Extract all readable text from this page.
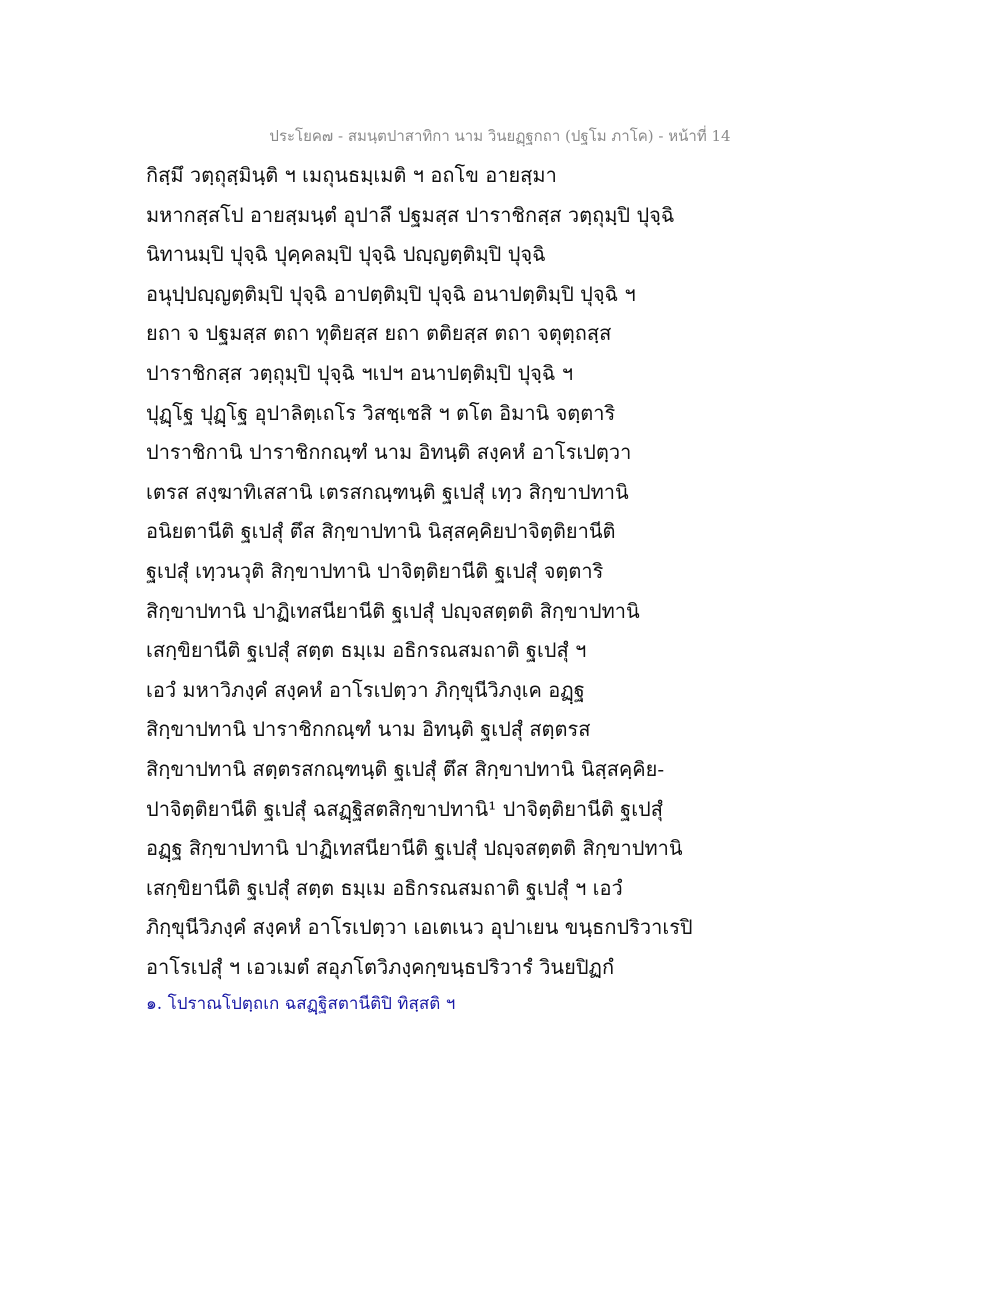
ประโยค๗ - สมนฺตปาสาทิกา นาม วินยฏฺฐกถา (ปฐโม ภาโค) - หน้าที่ 14
กิสฺมึ วตฺถุสฺมินฺติ ฯ เมถุนธมฺเมติ ฯ อถโข อายสฺมา
มหากสฺสโป อายสฺมนฺตํ อุปาลึ ปฐมสฺส ปาราชิกสฺส วตฺถุมฺปิ ปุจฺฉิ
นิทานมฺปิ ปุจฺฉิ ปุคฺคลมฺปิ ปุจฺฉิ ปญฺญตฺติมฺปิ ปุจฺฉิ
อนุปฺปญฺญตฺติมฺปิ ปุจฺฉิ อาปตฺติมฺปิ ปุจฺฉิ อนาปตฺติมฺปิ ปุจฺฉิ ฯ
ยถา จ ปฐมสฺส ตถา ทุติยสฺส ยถา ตติยสฺส ตถา จตุตฺถสฺส
ปาราชิกสฺส วตฺถุมฺปิ ปุจฺฉิ ฯเปฯ อนาปตฺติมฺปิ ปุจฺฉิ ฯ
ปุฏฺโฐ ปุฏฺโฐ อุปาลิตฺเถโร วิสชฺเชสิ ฯ ตโต อิมานิ จตฺตาริ
ปาราชิกานิ ปาราชิกกณฺฑํ นาม อิทนฺติ สงฺคหํ อาโรเปตฺวา
เตรส สงฺฆาทิเสสานิ เตรสกณฺฑนฺติ ฐเปสุํ เทฺว สิกฺขาปทานิ
อนิยตานีติ ฐเปสุํ ตึส สิกฺขาปทานิ นิสฺสคฺคิยปาจิตฺติยานีติ
ฐเปสุํ เทฺวนวุติ สิกฺขาปทานิ ปาจิตฺติยานีติ ฐเปสุํ จตฺตาริ
สิกฺขาปทานิ ปาฏิเทสนียานีติ ฐเปสุํ ปญฺจสตฺตติ สิกฺขาปทานิ
เสกฺขิยานีติ ฐเปสุํ สตฺต ธมฺเม อธิกรณสมถาติ ฐเปสุํ ฯ
เอวํ มหาวิภงฺคํ สงฺคหํ อาโรเปตฺวา ภิกฺขุนีวิภงฺเค อฏฺฐ
สิกฺขาปทานิ ปาราชิกกณฺฑํ นาม อิทนฺติ ฐเปสุํ สตฺตรส
สิกฺขาปทานิ สตฺตรสกณฺฑนฺติ ฐเปสุํ ตึส สิกฺขาปทานิ นิสฺสคฺคิย-
ปาจิตฺติยานีติ ฐเปสุํ ฉสฏฺฐิสตสิกฺขาปทานิ¹ ปาจิตฺติยานีติ ฐเปสุํ
อฏฺฐ สิกฺขาปทานิ ปาฏิเทสนียานีติ ฐเปสุํ ปญฺจสตฺตติ สิกฺขาปทานิ
เสกฺขิยานีติ ฐเปสุํ สตฺต ธมฺเม อธิกรณสมถาติ ฐเปสุํ ฯ เอวํ
ภิกฺขุนีวิภงฺคํ สงฺคหํ อาโรเปตฺวา เอเตเนว อุปาเยน ขนฺธกปริวาเรปิ
อาโรเปสุํ ฯ เอวเมตํ สอุภโตวิภงฺคกฺขนฺธปริวารํ วินยปิฏกํ
๑. โปราณโปตฺถเก ฉสฏฺฐิสตานีติปิ ทิสฺสติ ฯ
